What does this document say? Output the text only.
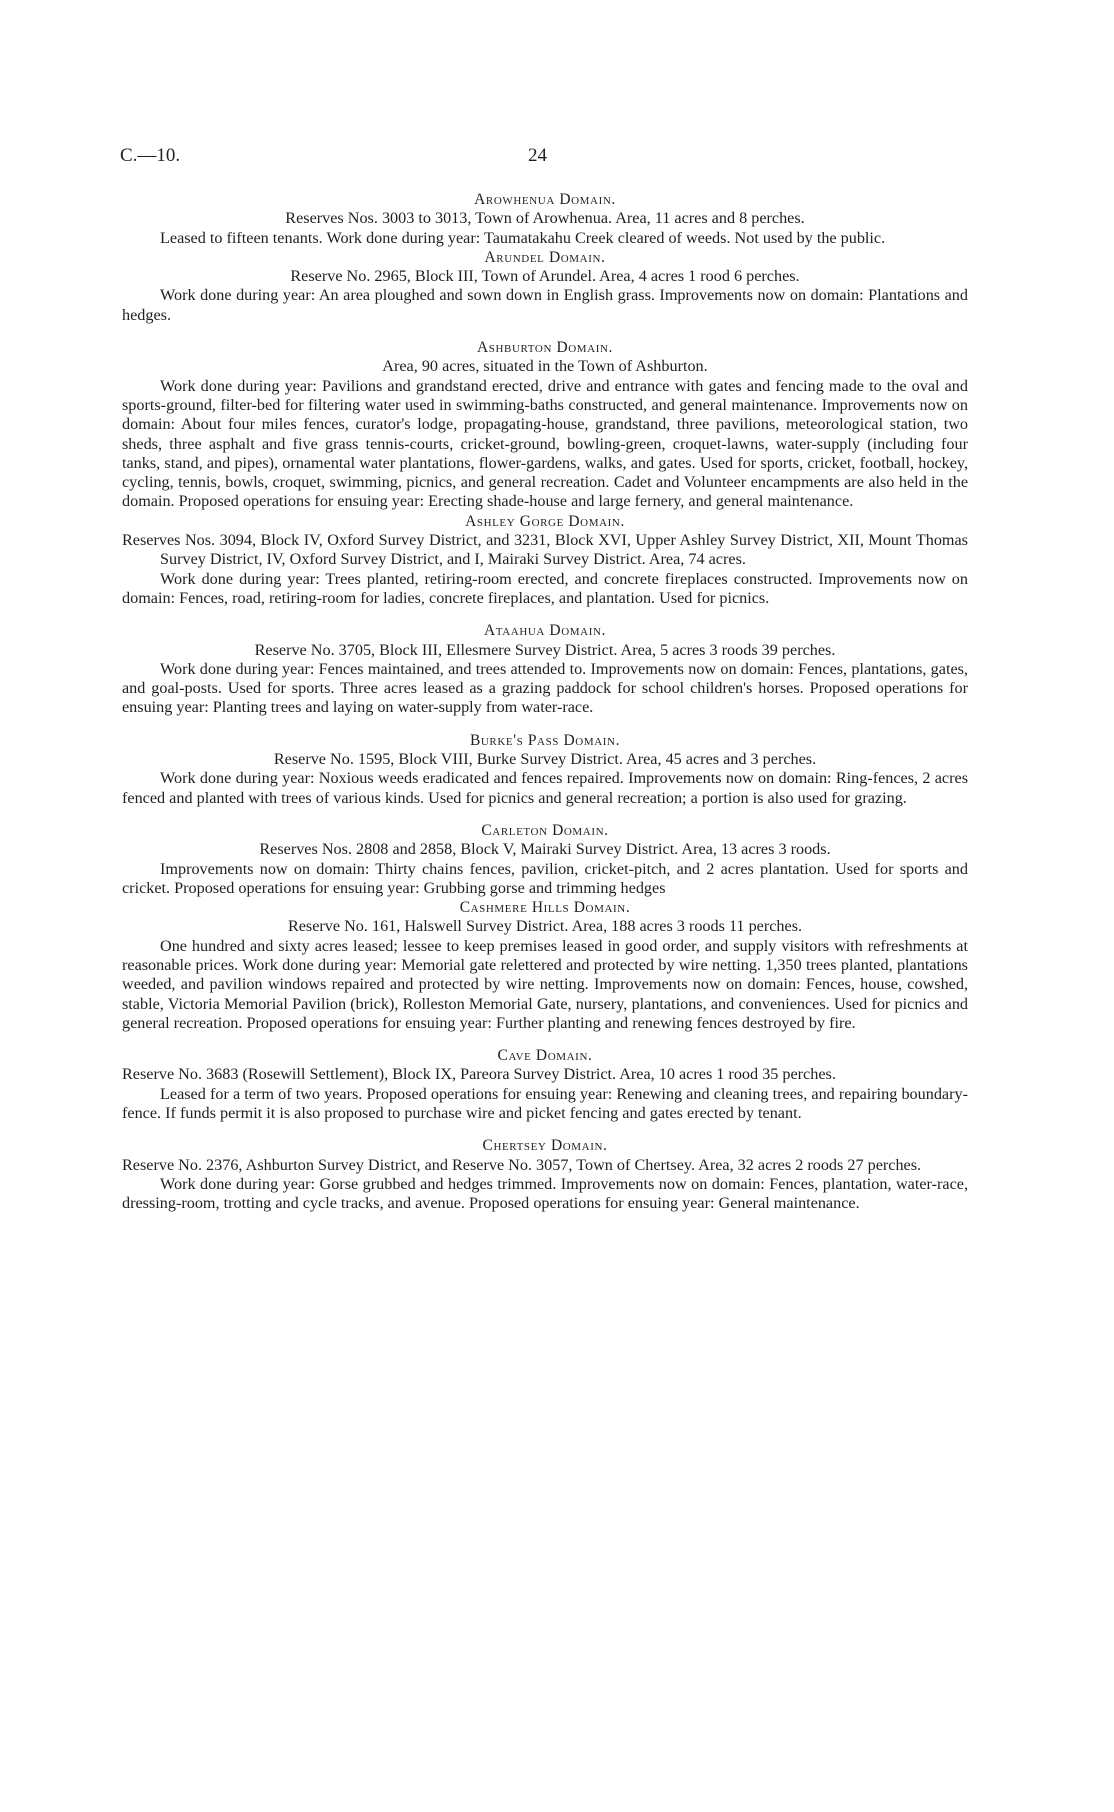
C.—10.	24

Arowhenua Domain.

Reserves Nos. 3003 to 3013, Town of Arowhenua. Area, 11 acres and 8 perches.

Leased to fifteen tenants. Work done during year: Taumatakahu Creek cleared of weeds. Not used by the public.

Arundel Domain.

Reserve No. 2965, Block III, Town of Arundel. Area, 4 acres 1 rood 6 perches.

Work done during year: An area ploughed and sown down in English grass. Improvements now on domain: Plantations and hedges.

Ashburton Domain.

Area, 90 acres, situated in the Town of Ashburton.

Work done during year: Pavilions and grandstand erected, drive and entrance with gates and fencing made to the oval and sports-ground, filter-bed for filtering water used in swimming-baths constructed, and general maintenance. Improvements now on domain: About four miles fences, curator's lodge, propagating-house, grandstand, three pavilions, meteorological station, two sheds, three asphalt and five grass tennis-courts, cricket-ground, bowling-green, croquet-lawns, water-supply (including four tanks, stand, and pipes), ornamental water plantations, flower-gardens, walks, and gates. Used for sports, cricket, football, hockey, cycling, tennis, bowls, croquet, swimming, picnics, and general recreation. Cadet and Volunteer encampments are also held in the domain. Proposed operations for ensuing year: Erecting shade-house and large fernery, and general maintenance.

Ashley Gorge Domain.

Reserves Nos. 3094, Block IV, Oxford Survey District, and 3231, Block XVI, Upper Ashley Survey District, XII, Mount Thomas Survey District, IV, Oxford Survey District, and I, Mairaki Survey District. Area, 74 acres.

Work done during year: Trees planted, retiring-room erected, and concrete fireplaces constructed. Improvements now on domain: Fences, road, retiring-room for ladies, concrete fireplaces, and plantation. Used for picnics.

Ataahua Domain.

Reserve No. 3705, Block III, Ellesmere Survey District. Area, 5 acres 3 roods 39 perches.

Work done during year: Fences maintained, and trees attended to. Improvements now on domain: Fences, plantations, gates, and goal-posts. Used for sports. Three acres leased as a grazing paddock for school children's horses. Proposed operations for ensuing year: Planting trees and laying on water-supply from water-race.

Burke's Pass Domain.

Reserve No. 1595, Block VIII, Burke Survey District. Area, 45 acres and 3 perches.

Work done during year: Noxious weeds eradicated and fences repaired. Improvements now on domain: Ring-fences, 2 acres fenced and planted with trees of various kinds. Used for picnics and general recreation; a portion is also used for grazing.

Carleton Domain.

Reserves Nos. 2808 and 2858, Block V, Mairaki Survey District. Area, 13 acres 3 roods.

Improvements now on domain: Thirty chains fences, pavilion, cricket-pitch, and 2 acres plantation. Used for sports and cricket. Proposed operations for ensuing year: Grubbing gorse and trimming hedges

Cashmere Hills Domain.

Reserve No. 161, Halswell Survey District. Area, 188 acres 3 roods 11 perches.

One hundred and sixty acres leased; lessee to keep premises leased in good order, and supply visitors with refreshments at reasonable prices. Work done during year: Memorial gate relettered and protected by wire netting. 1,350 trees planted, plantations weeded, and pavilion windows repaired and protected by wire netting. Improvements now on domain: Fences, house, cowshed, stable, Victoria Memorial Pavilion (brick), Rolleston Memorial Gate, nursery, plantations, and conveniences. Used for picnics and general recreation. Proposed operations for ensuing year: Further planting and renewing fences destroyed by fire.

Cave Domain.

Reserve No. 3683 (Rosewill Settlement), Block IX, Pareora Survey District. Area, 10 acres 1 rood 35 perches.

Leased for a term of two years. Proposed operations for ensuing year: Renewing and cleaning trees, and repairing boundary-fence. If funds permit it is also proposed to purchase wire and picket fencing and gates erected by tenant.

Chertsey Domain.

Reserve No. 2376, Ashburton Survey District, and Reserve No. 3057, Town of Chertsey. Area, 32 acres 2 roods 27 perches.

Work done during year: Gorse grubbed and hedges trimmed. Improvements now on domain: Fences, plantation, water-race, dressing-room, trotting and cycle tracks, and avenue. Proposed operations for ensuing year: General maintenance.
